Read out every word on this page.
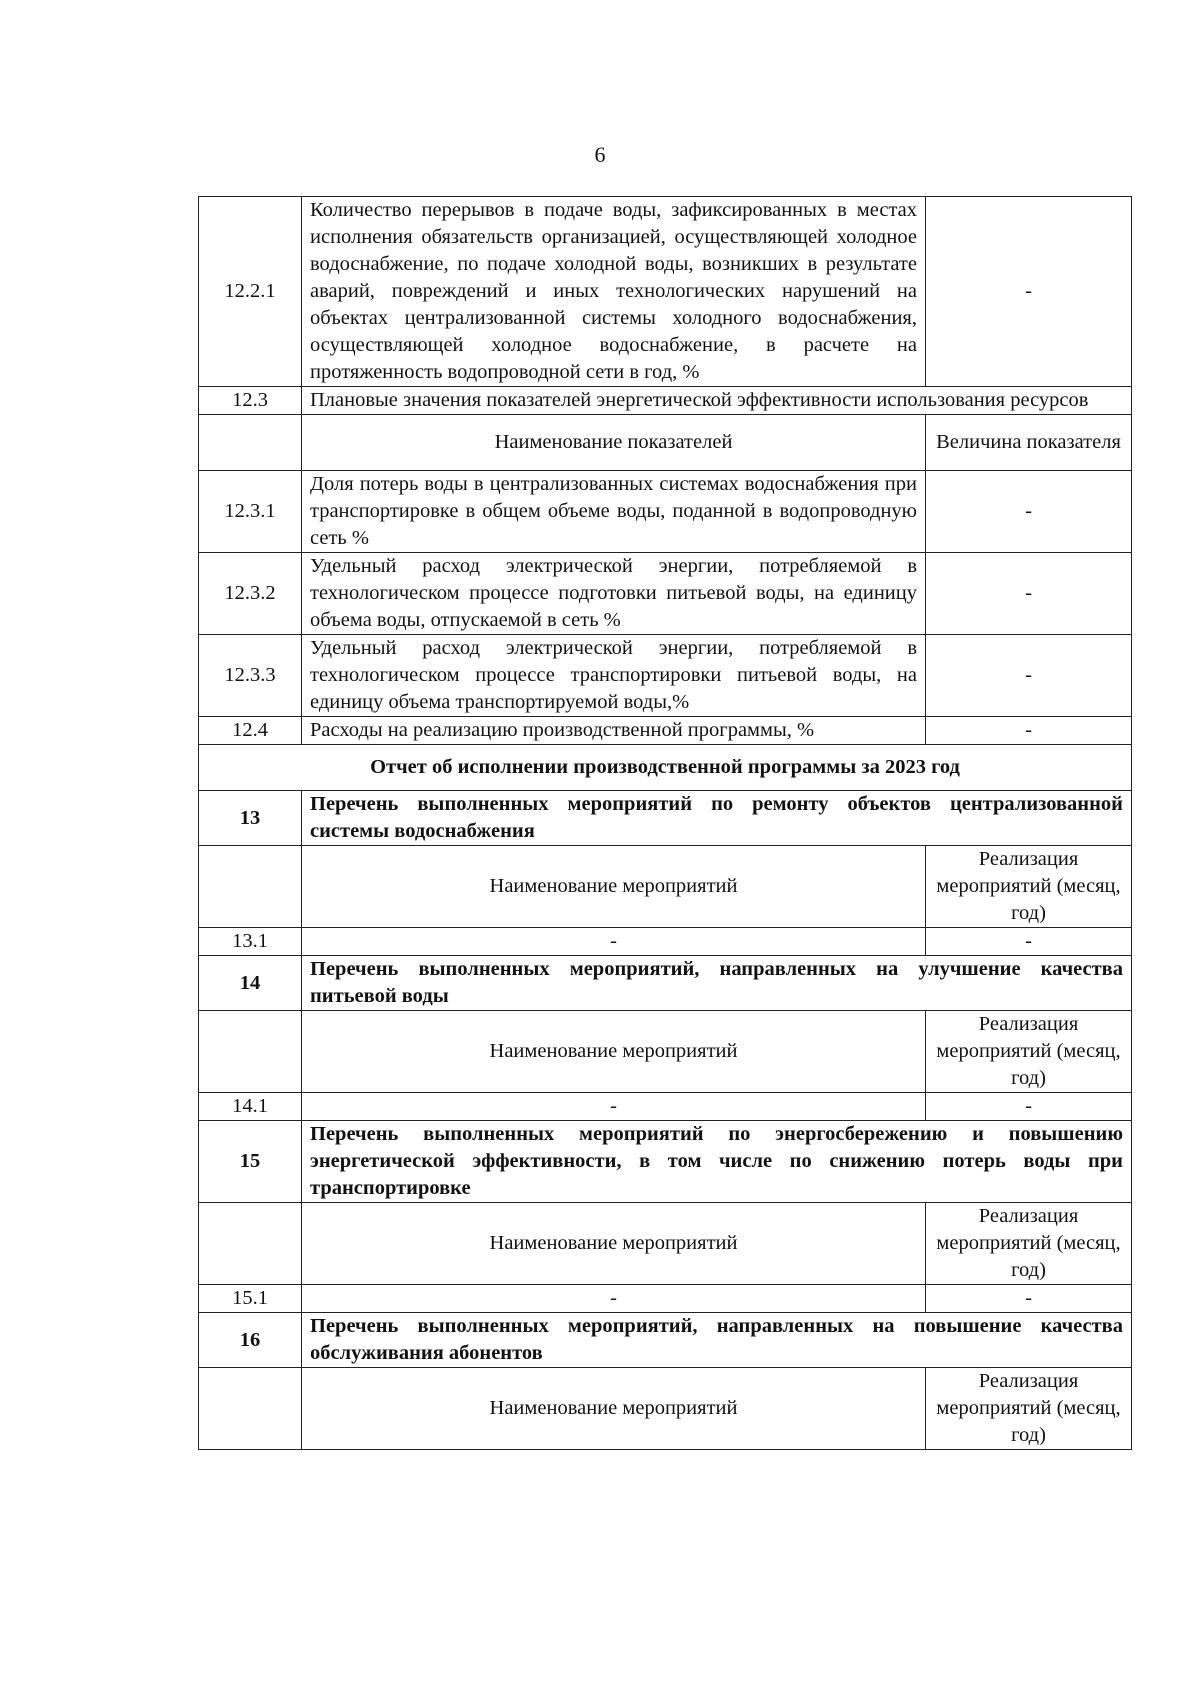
6
12.2.1	Количество перерывов в подаче воды, зафиксированных в местах исполнения обязательств организацией, осуществляющей холодное водоснабжение, по подаче холодной воды, возникших в результате аварий, повреждений и иных технологических нарушений на объектах централизованной системы холодного водоснабжения, осуществляющей холодное водоснабжение, в расчете на протяженность водопроводной сети в год, %	-
12.3	Плановые значения показателей энергетической эффективности использования ресурсов	
	Наименование показателей	Величина показателя
12.3.1	Доля потерь воды в централизованных системах водоснабжения при транспортировке в общем объеме воды, поданной в водопроводную сеть %	-
12.3.2	Удельный расход электрической энергии, потребляемой в технологическом процессе подготовки питьевой воды, на единицу объема воды, отпускаемой в сеть %	-
12.3.3	Удельный расход электрической энергии, потребляемой в технологическом процессе транспортировки питьевой воды, на единицу объема транспортируемой воды,%	-
12.4	Расходы на реализацию производственной программы, %	-
Отчет об исполнении производственной программы за 2023 год		
13	Перечень выполненных мероприятий по ремонту объектов централизованной системы водоснабжения	
	Наименование мероприятий	Реализация мероприятий (месяц, год)
13.1	-	-
14	Перечень выполненных мероприятий, направленных на улучшение качества питьевой воды	
	Наименование мероприятий	Реализация мероприятий (месяц, год)
14.1	-	-
15	Перечень выполненных мероприятий по энергосбережению и повышению энергетической эффективности, в том числе по снижению потерь воды при транспортировке	
	Наименование мероприятий	Реализация мероприятий (месяц, год)
15.1	-	-
16	Перечень выполненных мероприятий, направленных на повышение качества обслуживания абонентов	
	Наименование мероприятий	Реализация мероприятий (месяц, год)
